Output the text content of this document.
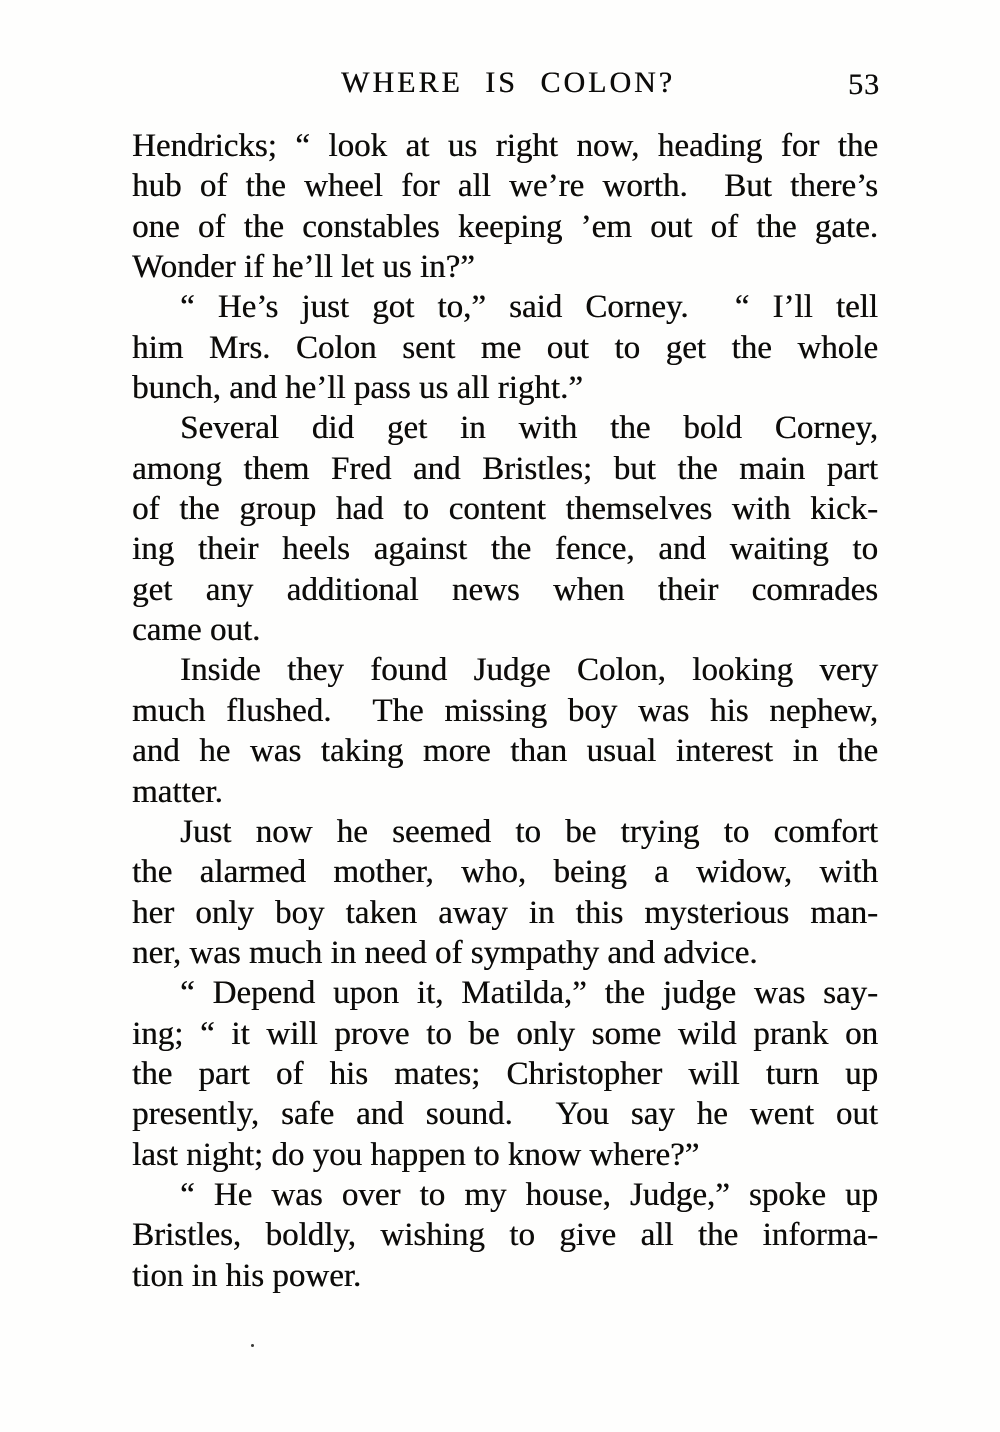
WHERE IS COLON?	53
Hendricks; “ look at us right now, heading for the
hub of the wheel for all we’re worth.  But there’s
one of the constables keeping ’em out of the gate.
Wonder if he’ll let us in?”
“ He’s just got to,” said Corney.  “ I’ll tell
him Mrs. Colon sent me out to get the whole
bunch, and he’ll pass us all right.”
Several did get in with the bold Corney,
among them Fred and Bristles; but the main part
of the group had to content themselves with kick-
ing their heels against the fence, and waiting to
get any additional news when their comrades
came out.
Inside they found Judge Colon, looking very
much flushed.  The missing boy was his nephew,
and he was taking more than usual interest in the
matter.
Just now he seemed to be trying to comfort
the alarmed mother, who, being a widow, with
her only boy taken away in this mysterious man-
ner, was much in need of sympathy and advice.
“ Depend upon it, Matilda,” the judge was say-
ing; “ it will prove to be only some wild prank on
the part of his mates; Christopher will turn up
presently, safe and sound.  You say he went out
last night; do you happen to know where?”
“ He was over to my house, Judge,” spoke up
Bristles, boldly, wishing to give all the informa-
tion in his power.
